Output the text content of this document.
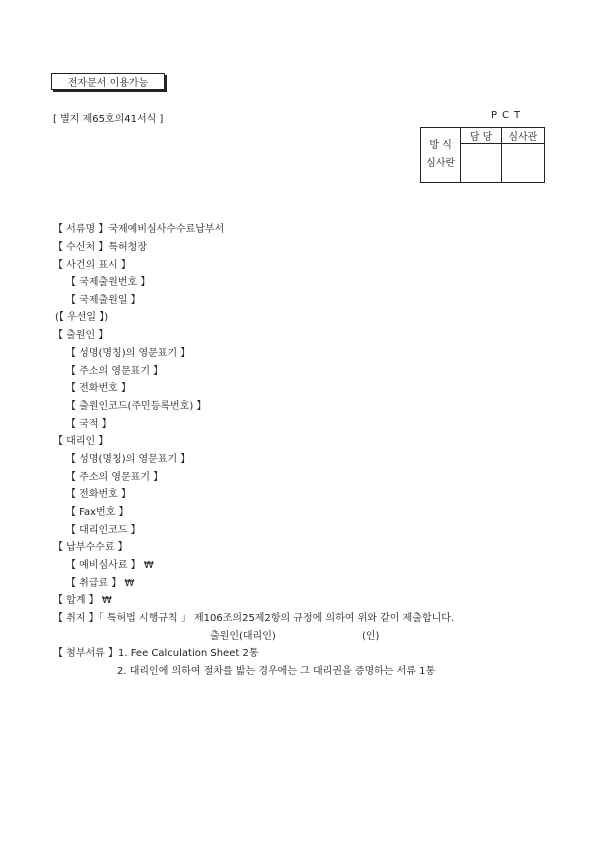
전자문서 이용가능
[ 별지 제65호의41서식 ]	PCT
방 식
심사란	담 당	심사관

【 서류명 】국제예비심사수수료납부서
【 수신처 】특허청장
【 사건의 표시 】
【 국제출원번호 】
【 국제출원일 】
(【 우선일 】)
【 출원인 】
【 성명(명칭)의 영문표기 】
【 주소의 영문표기 】
【 전화번호 】
【 출원인코드(주민등록번호) 】
【 국적 】
【 대리인 】
【 성명(명칭)의 영문표기 】
【 주소의 영문표기 】
【 전화번호 】
【 Fax번호 】
【 대리인코드 】
【 납부수수료 】
【 예비심사료 】 ₩
【 취급료 】 ₩
【 합계 】 ₩
【 취지 】「 특허법 시행규칙 」 제106조의25제2항의 규정에 의하여 위와 같이 제출합니다.
출원인(대리인)	(인)
【 첨부서류 】1. Fee Calculation Sheet 2통
2. 대리인에 의하여 절차를 밟는 경우에는 그 대리권을 증명하는 서류 1통
